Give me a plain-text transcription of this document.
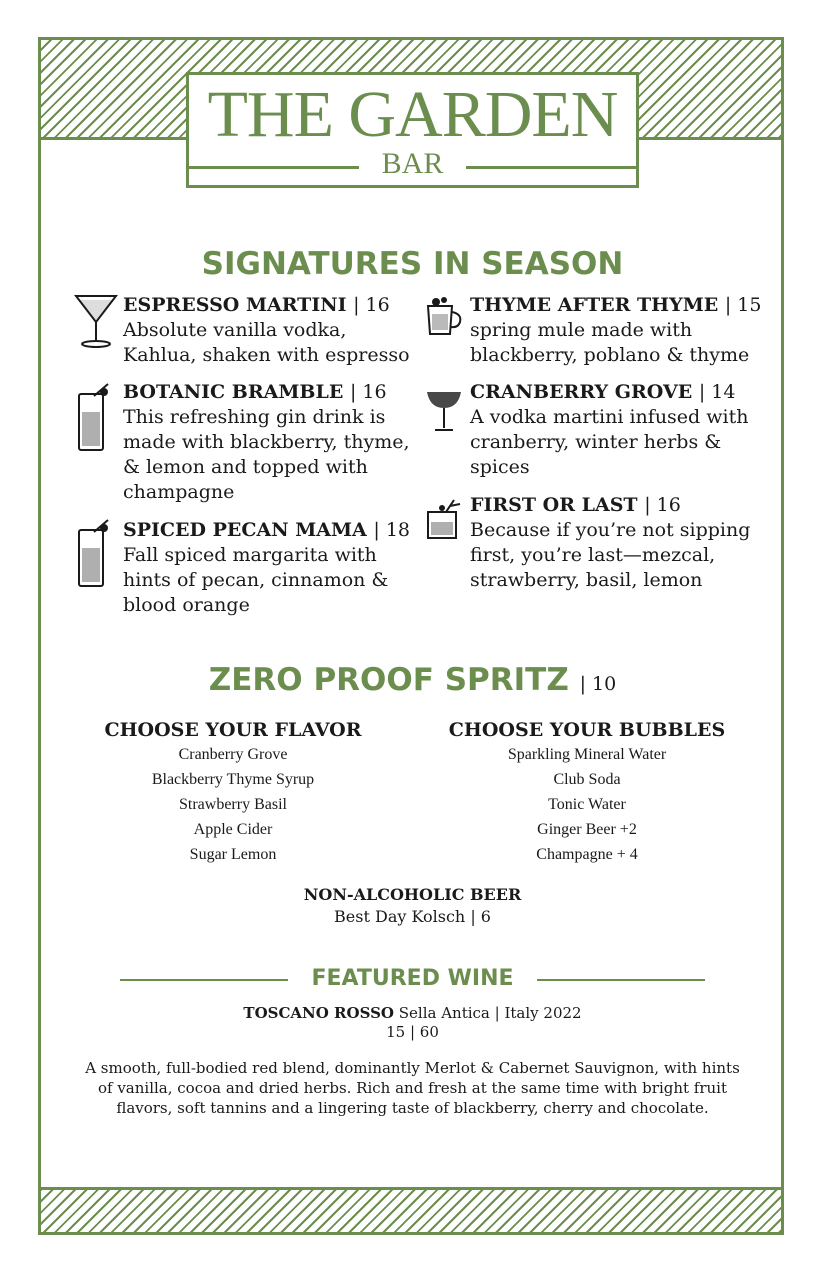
THE GARDEN
BAR
SIGNATURES IN SEASON
ESPRESSO MARTINI | 16
Absolute vanilla vodka, Kahlua, shaken with espresso
BOTANIC BRAMBLE | 16
This refreshing gin drink is made with blackberry, thyme, & lemon and topped with champagne
SPICED PECAN MAMA | 18
Fall spiced margarita with hints of pecan, cinnamon & blood orange
THYME AFTER THYME | 15
spring mule made with blackberry, poblano & thyme
CRANBERRY GROVE | 14
A vodka martini infused with cranberry, winter herbs & spices
FIRST OR LAST | 16
Because if you’re not sipping first, you’re last—mezcal, strawberry, basil, lemon
ZERO PROOF SPRITZ | 10
CHOOSE YOUR FLAVOR
Cranberry Grove
Blackberry Thyme Syrup
Strawberry Basil
Apple Cider
Sugar Lemon
CHOOSE YOUR BUBBLES
Sparkling Mineral Water
Club Soda
Tonic Water
Ginger Beer +2
Champagne + 4
NON-ALCOHOLIC BEER
Best Day Kolsch | 6
FEATURED WINE
TOSCANO ROSSO Sella Antica | Italy 2022
15 | 60
A smooth, full-bodied red blend, dominantly Merlot & Cabernet Sauvignon, with hints of vanilla, cocoa and dried herbs. Rich and fresh at the same time with bright fruit flavors, soft tannins and a lingering taste of blackberry, cherry and chocolate.
